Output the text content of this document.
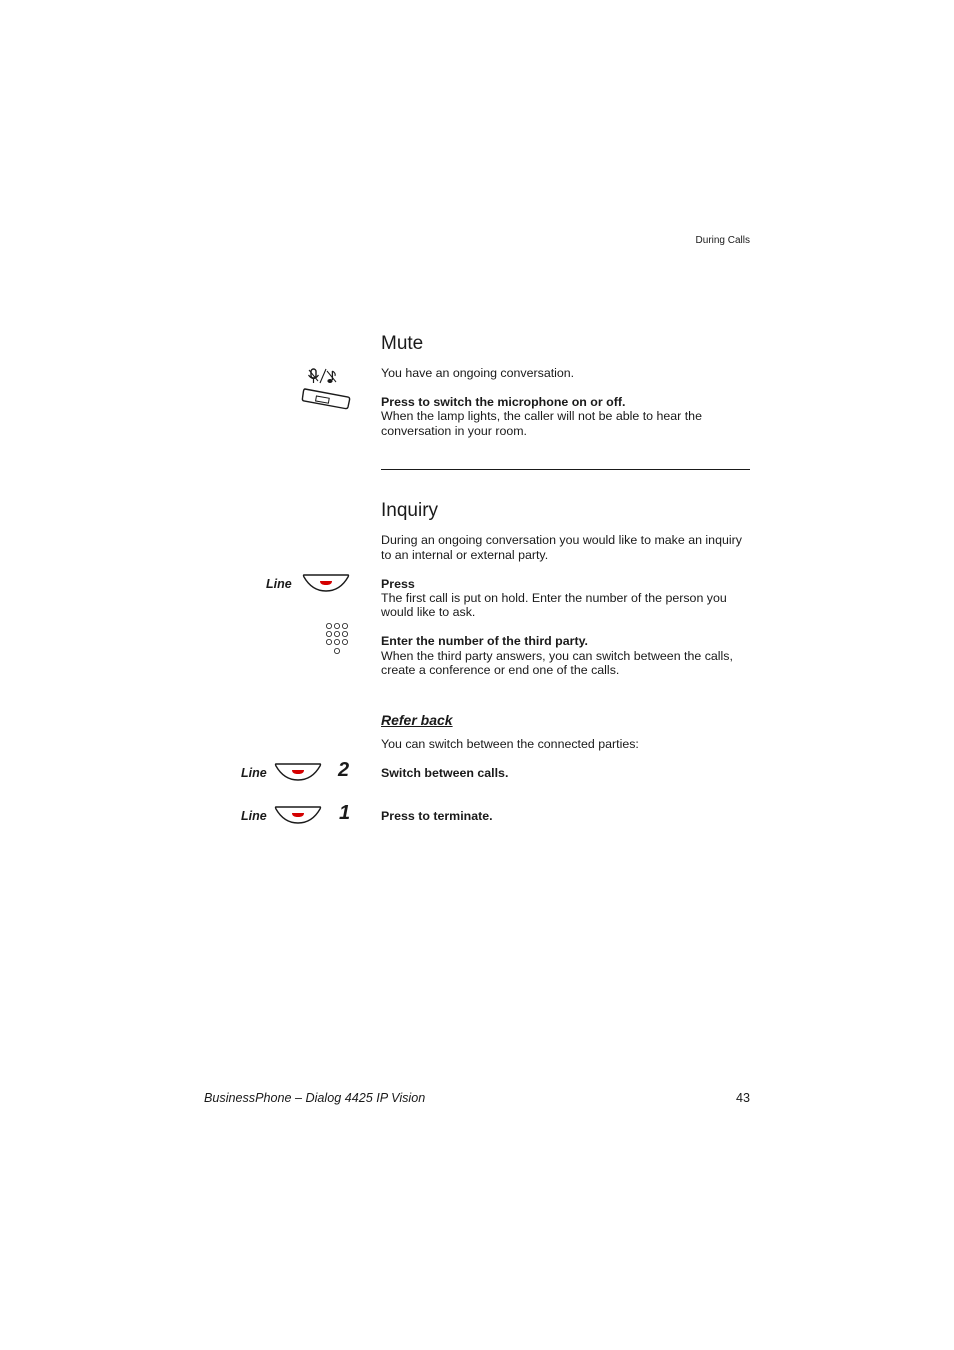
During Calls
Mute

You have an ongoing conversation.

Press to switch the microphone on or off.

When the lamp lights, the caller will not be able to hear the

conversation in your room.

Inquiry

During an ongoing conversation you would like to make an inquiry

to an internal or external party.

Line	Press

The first call is put on hold. Enter the number of the person you

would like to ask.

Enter the number of the third party.

When the third party answers, you can switch between the calls,

create a conference or end one of the calls.

Refer back

You can switch between the connected parties:

Line	2	Switch between calls.

Line	1 Press to terminate.

BusinessPhone – Dialog 4425 IP Vision	43
